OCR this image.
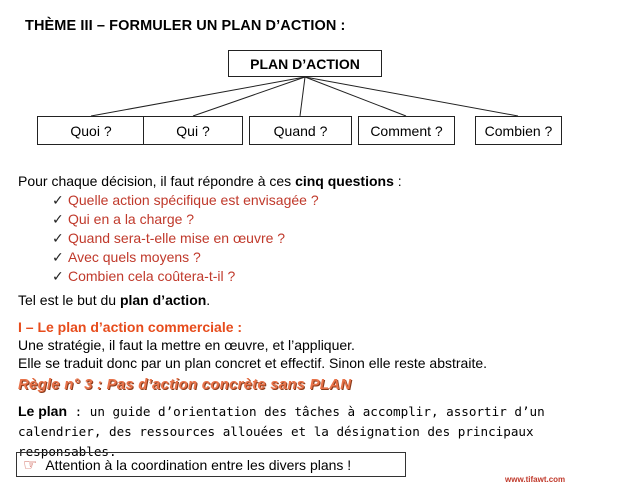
THÈME III – FORMULER UN PLAN D’ACTION :
PLAN D’ACTION
Quoi ?	Qui ?	Quand ?	Comment ?	Combien ?
Pour chaque décision, il faut répondre à ces cinq questions :
✓ Quelle action spécifique est envisagée ?
✓ Qui en a la charge ?
✓ Quand sera-t-elle mise en œuvre ?
✓ Avec quels moyens ?
✓ Combien cela coûtera-t-il ?
Tel est le but du plan d’action.
I – Le plan d’action commerciale :
Une stratégie, il faut la mettre en œuvre, et l’appliquer.
Elle se traduit donc par un plan concret et effectif. Sinon elle reste abstraite.
Règle n° 3 : Pas d’action concrète sans PLAN
Le plan : un guide d’orientation des tâches à accomplir, assortir d’un calendrier, des ressources allouées et la désignation des principaux responsables.
☞ Attention à la coordination entre les divers plans !
www.tifawt.com
